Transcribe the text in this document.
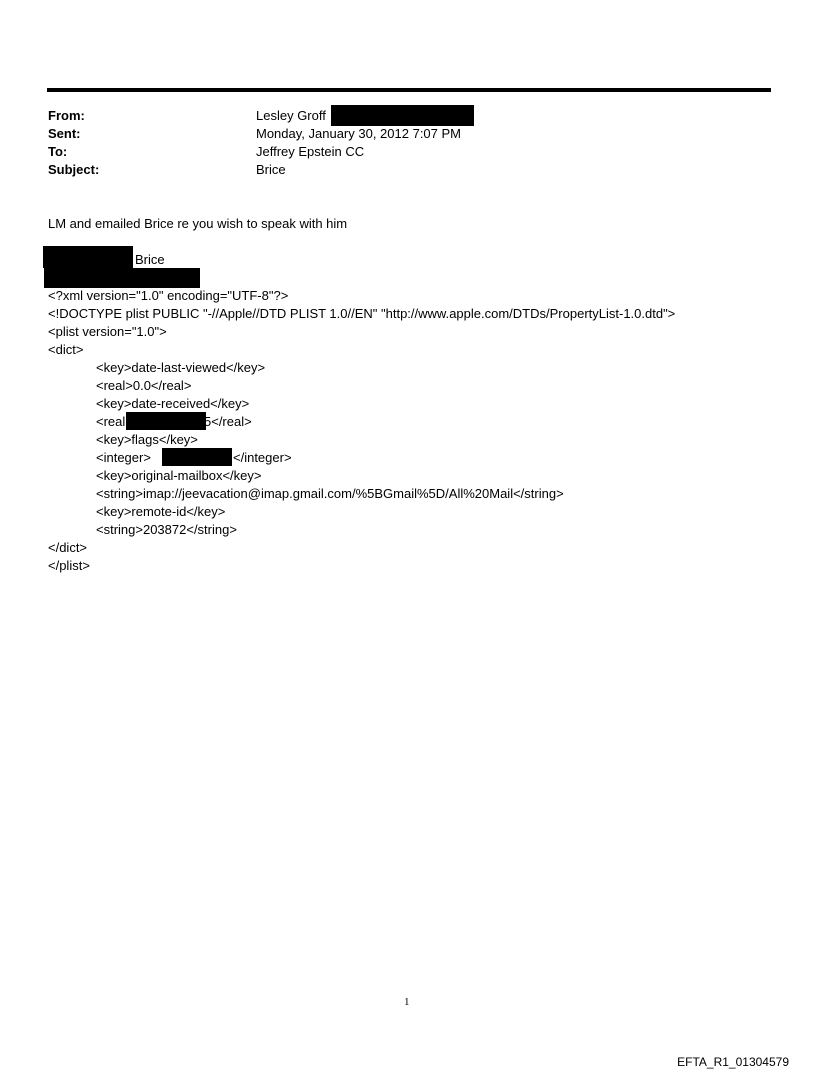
From:	Lesley Groff
Sent:	Monday, January 30, 2012 7:07 PM
To:	Jeffrey Epstein CC
Subject:	Brice
LM and emailed Brice re you wish to speak with him
Brice
<?xml version="1.0" encoding="UTF-8"?>
<!DOCTYPE plist PUBLIC "-//Apple//DTD PLIST 1.0//EN" "http://www.apple.com/DTDs/PropertyList-1.0.dtd">
<plist version="1.0">
<dict>
<key>date-last-viewed</key>
<real>0.0</real>
<key>date-received</key>
<real	5</real>
<key>flags</key>
<integer>	</integer>
<key>original-mailbox</key>
<string>imap://jeevacation@imap.gmail.com/%5BGmail%5D/All%20Mail</string>
<key>remote-id</key>
<string>203872</string>
</dict>
</plist>
1
EFTA_R1_01304579
